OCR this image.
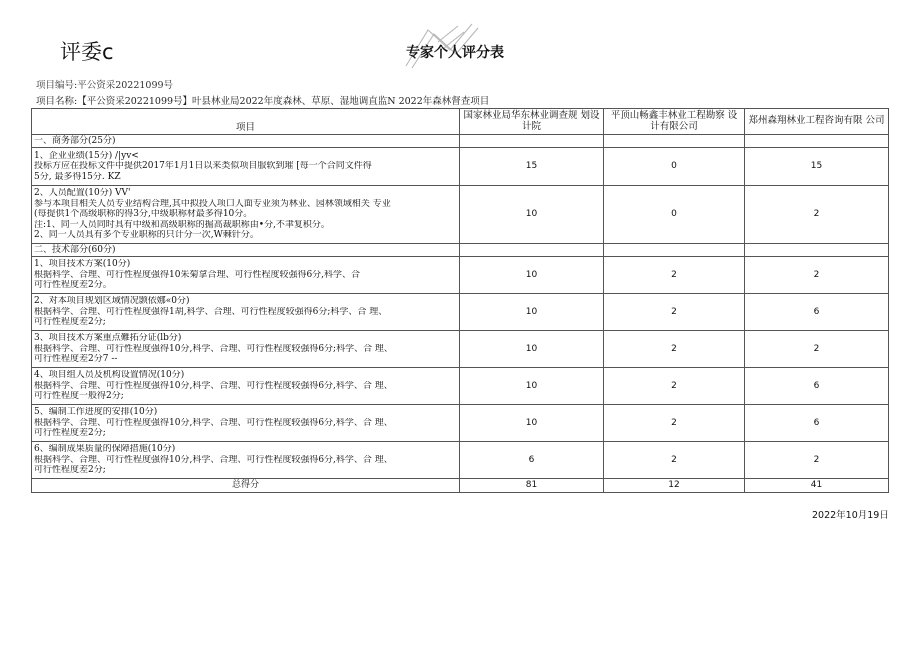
评委c	专家个人评分表
项目编号:平公资采20221099号
项目名称:【平公资采20221099号】叶县林业局2022年度森林、草原、湿地调直监N 2022年森林督查项目
项目	国家林业局华东林业调查规 划设计院	平顶山畅鑫丰林业工程勘察 设计有限公司	郑州森翔林业工程咨询有限 公司
一、商务部分(25分)			

1、企业业绩(15分) /|yv<
投标方应在投标文件中提供2017年1月1日以来类似项目服软到璀 [每一个合同文件得
5分, 最多得15分. KZ	15	0	15

2、人员配置(10分) VV'
参与本项目相关人员专业结构合理,其中拟投入项口人面专业须为林业、园林领域相关 专业
(每提供1个高级职称的得3分,中级职称材最多得10分。
注:1、同一人员同时具有中级和高级职称的掘高裁职称由•分,不聿复积分。
2、同一人员具有多个专业职称的只计分一次,W棘针分。	10	0	2
二、技术部分(60分)			

1、项目技术方案(10分)
根据科学、合理、可行性程度强得10朱菊拿合理、可行性程度较强得6分,科学、合
可行性程度差2分。	10	2	2

2、对本项目规划区域情况颢依娜«0分)
根据科学、合理、可行性程度强得1胡,科学、合理、可行性程度较强得6分;科学、合 理、
可行性程度差2分;	10	2	6

3、项目技术方案重点難拓分证(lb分)
根据科学、合理、可行性程度强得10分,科学、合理、可行性程度较强得6分;科学、合 理、
可行性程度差2分7 --	10	2	2

4、项目组人员及机构设置情况(10分)
根据科学、合理、可行性程度强得10分,科学、合理、可行性程度较强得6分,科学、合 理、
可行性程度一般得2分;	10	2	6

5、编制工作进度的安排(10分)
根据科学、合理、可行性程度强得10分,科学、合理、可行性程度较强得6分,科学、合 理、
可行性程度差2分;	10	2	6

6、编制成果质量的保障措施(10分)
根据科学、合理、可行性程度强得10分,科学、合理、可行性程度较强得6分,科学、合 理、
可行性程度差2分;	6	2	2
总得分	81	12	41
2022年10月19日
